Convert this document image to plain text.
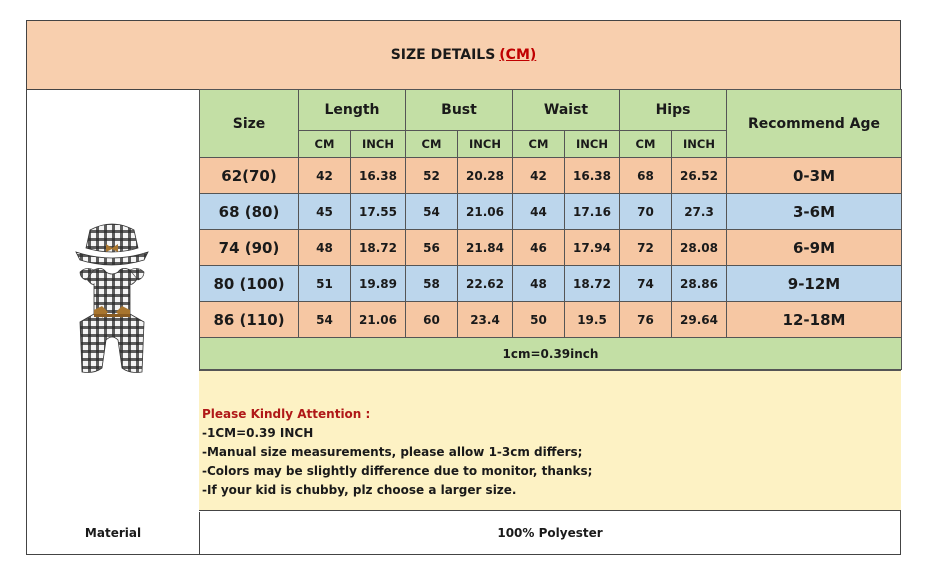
SIZE DETAILS (CM)
Size	Length		Bust		Waist		Hips		Recommend Age
	CM	INCH	CM	INCH	CM	INCH	CM	INCH	
62(70)	42	16.38	52	20.28	42	16.38	68	26.52	0-3M
68 (80)	45	17.55	54	21.06	44	17.16	70	27.3	3-6M
74 (90)	48	18.72	56	21.84	46	17.94	72	28.08	6-9M
80 (100)	51	19.89	58	22.62	48	18.72	74	28.86	9-12M
86 (110)	54	21.06	60	23.4	50	19.5	76	29.64	12-18M
1cm=0.39inch									
Please Kindly Attention :
-1CM=0.39 INCH
-Manual size measurements, please allow 1-3cm differs;
-Colors may be slightly difference due to monitor, thanks;
-If your kid is chubby, plz choose a larger size.
Material	100% Polyester
